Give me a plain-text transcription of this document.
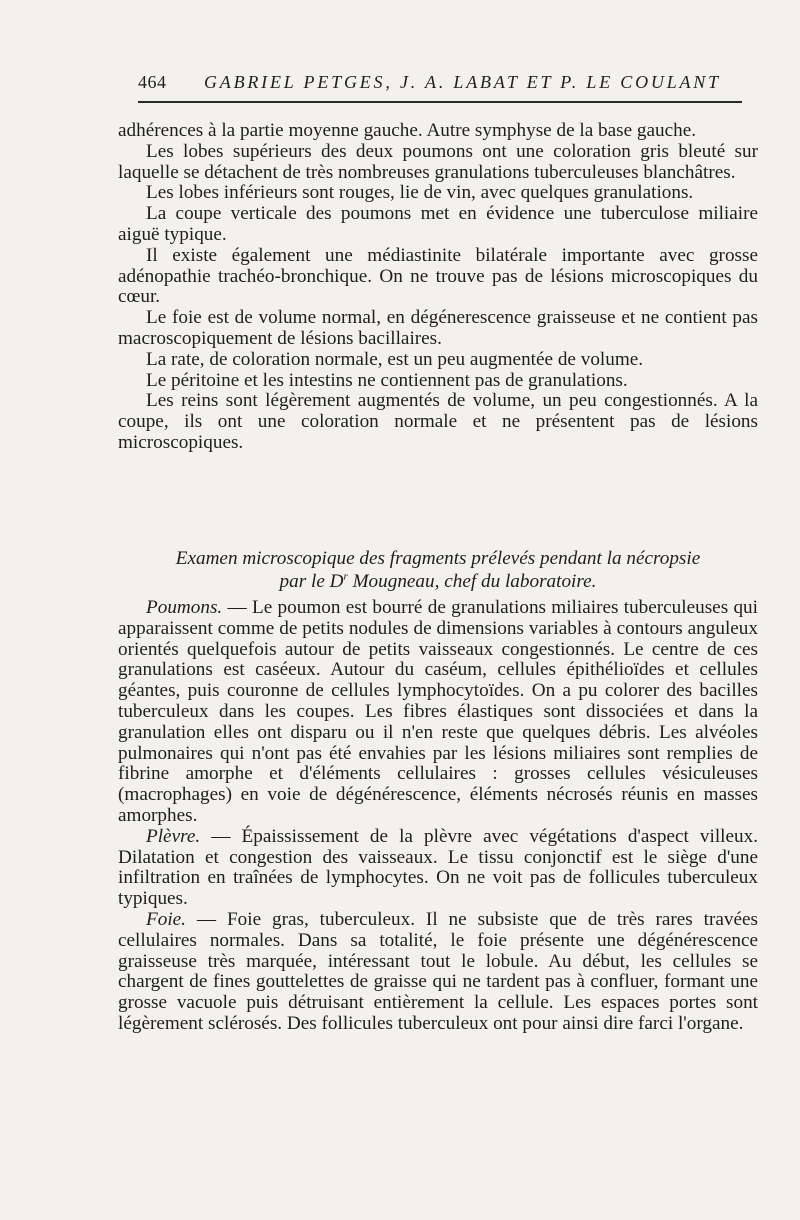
464 GABRIEL PETGES, J. A. LABAT ET P. LE COULANT

adhérences à la partie moyenne gauche. Autre symphyse de la base gauche.

Les lobes supérieurs des deux poumons ont une coloration gris bleuté sur laquelle se détachent de très nombreuses granulations tuberculeuses blanchâtres.

Les lobes inférieurs sont rouges, lie de vin, avec quelques granulations.

La coupe verticale des poumons met en évidence une tuberculose miliaire aiguë typique.

Il existe également une médiastinite bilatérale importante avec grosse adénopathie trachéo-bronchique. On ne trouve pas de lésions microscopiques du cœur.

Le foie est de volume normal, en dégénerescence graisseuse et ne contient pas macroscopiquement de lésions bacillaires.

La rate, de coloration normale, est un peu augmentée de volume.

Le péritoine et les intestins ne contiennent pas de granulations.

Les reins sont légèrement augmentés de volume, un peu congestionnés. A la coupe, ils ont une coloration normale et ne présentent pas de lésions microscopiques.

Examen microscopique des fragments prélevés pendant la nécropsie
par le $D^r$ Mougneau, chef du laboratoire.

Poumons. — Le poumon est bourré de granulations miliaires tuberculeuses qui apparaissent comme de petits nodules de dimensions variables à contours anguleux orientés quelquefois autour de petits vaisseaux congestionnés. Le centre de ces granulations est caséeux. Autour du caséum, cellules épithélioïdes et cellules géantes, puis couronne de cellules lymphocytoïdes. On a pu colorer des bacilles tuberculeux dans les coupes. Les fibres élastiques sont dissociées et dans la granulation elles ont disparu ou il n'en reste que quelques débris. Les alvéoles pulmonaires qui n'ont pas été envahies par les lésions miliaires sont remplies de fibrine amorphe et d'éléments cellulaires : grosses cellules vésiculeuses (macrophages) en voie de dégénérescence, éléments nécrosés réunis en masses amorphes.

Plèvre. — Épaississement de la plèvre avec végétations d'aspect villeux. Dilatation et congestion des vaisseaux. Le tissu conjonctif est le siège d'une infiltration en traînées de lymphocytes. On ne voit pas de follicules tuberculeux typiques.

Foie. — Foie gras, tuberculeux. Il ne subsiste que de très rares travées cellulaires normales. Dans sa totalité, le foie présente une dégénérescence graisseuse très marquée, intéressant tout le lobule. Au début, les cellules se chargent de fines gouttelettes de graisse qui ne tardent pas à confluer, formant une grosse vacuole puis détruisant entièrement la cellule. Les espaces portes sont légèrement sclérosés. Des follicules tuberculeux ont pour ainsi dire farci l'organe.
